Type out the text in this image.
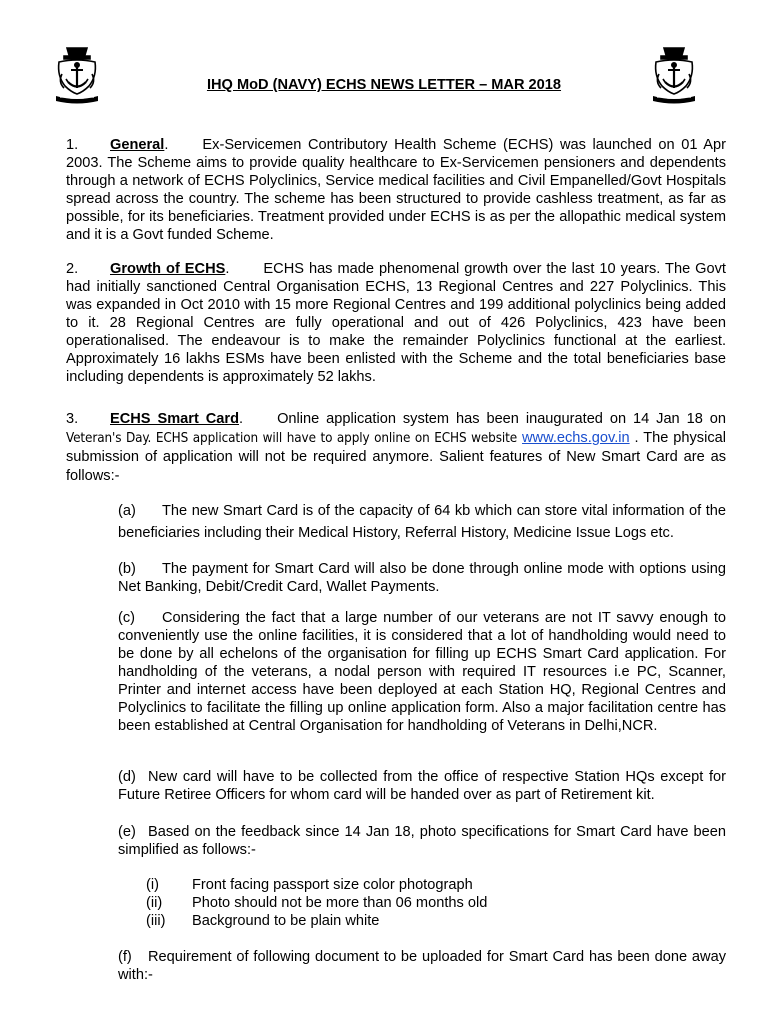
IHQ MoD (NAVY) ECHS NEWS LETTER – MAR 2018

1. General. Ex-Servicemen Contributory Health Scheme (ECHS) was launched on 01 Apr 2003. The Scheme aims to provide quality healthcare to Ex-Servicemen pensioners and dependents through a network of ECHS Polyclinics, Service medical facilities and Civil Empanelled/Govt Hospitals spread across the country. The scheme has been structured to provide cashless treatment, as far as possible, for its beneficiaries. Treatment provided under ECHS is as per the allopathic medical system and it is a Govt funded Scheme.

2. Growth of ECHS. ECHS has made phenomenal growth over the last 10 years. The Govt had initially sanctioned Central Organisation ECHS, 13 Regional Centres and 227 Polyclinics. This was expanded in Oct 2010 with 15 more Regional Centres and 199 additional polyclinics being added to it. 28 Regional Centres are fully operational and out of 426 Polyclinics, 423 have been operationalised. The endeavour is to make the remainder Polyclinics functional at the earliest. Approximately 16 lakhs ESMs have been enlisted with the Scheme and the total beneficiaries base including dependents is approximately 52 lakhs.

3. ECHS Smart Card. Online application system has been inaugurated on 14 Jan 18 on Veteran's Day. ECHS application will have to apply online on ECHS website www.echs.gov.in . The physical submission of application will not be required anymore. Salient features of New Smart Card are as follows:-

(a) The new Smart Card is of the capacity of 64 kb which can store vital information of the beneficiaries including their Medical History, Referral History, Medicine Issue Logs etc.

(b) The payment for Smart Card will also be done through online mode with options using Net Banking, Debit/Credit Card, Wallet Payments.

(c) Considering the fact that a large number of our veterans are not IT savvy enough to conveniently use the online facilities, it is considered that a lot of handholding would need to be done by all echelons of the organisation for filling up ECHS Smart Card application. For handholding of the veterans, a nodal person with required IT resources i.e PC, Scanner, Printer and internet access have been deployed at each Station HQ, Regional Centres and Polyclinics to facilitate the filling up online application form. Also a major facilitation centre has been established at Central Organisation for handholding of Veterans in Delhi,NCR.

(d) New card will have to be collected from the office of respective Station HQs except for Future Retiree Officers for whom card will be handed over as part of Retirement kit.

(e) Based on the feedback since 14 Jan 18, photo specifications for Smart Card have been simplified as follows:-

(i) Front facing passport size color photograph
(ii) Photo should not be more than 06 months old
(iii) Background to be plain white

(f) Requirement of following document to be uploaded for Smart Card has been done away with:-
